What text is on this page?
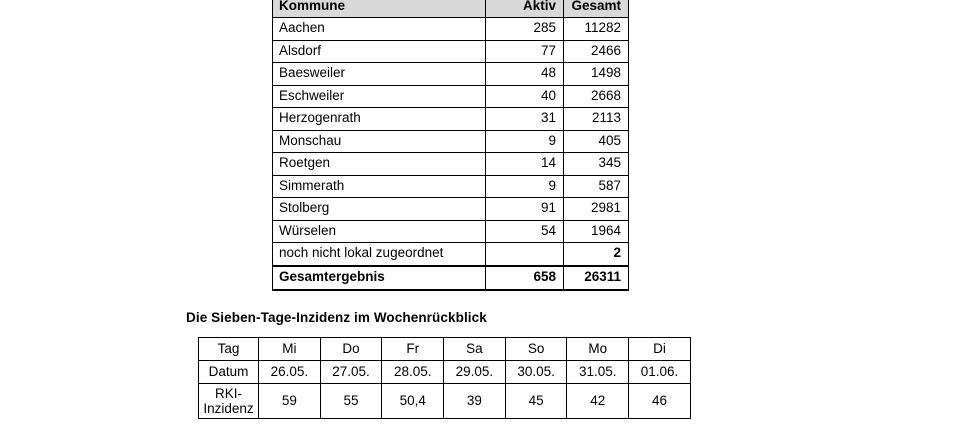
Kommune	Aktiv	Gesamt
Aachen	285	11282
Alsdorf	77	2466
Baesweiler	48	1498
Eschweiler	40	2668
Herzogenrath	31	2113
Monschau	9	405
Roetgen	14	345
Simmerath	9	587
Stolberg	91	2981
Würselen	54	1964
noch nicht lokal zugeordnet		2
Gesamtergebnis	658	26311
Die Sieben-Tage-Inzidenz im Wochenrückblick
Tag	Mi	Do	Fr	Sa	So	Mo	Di
Datum	26.05.	27.05.	28.05.	29.05.	30.05.	31.05.	01.06.
RKI-
Inzidenz	59	55	50,4	39	45	42	46
